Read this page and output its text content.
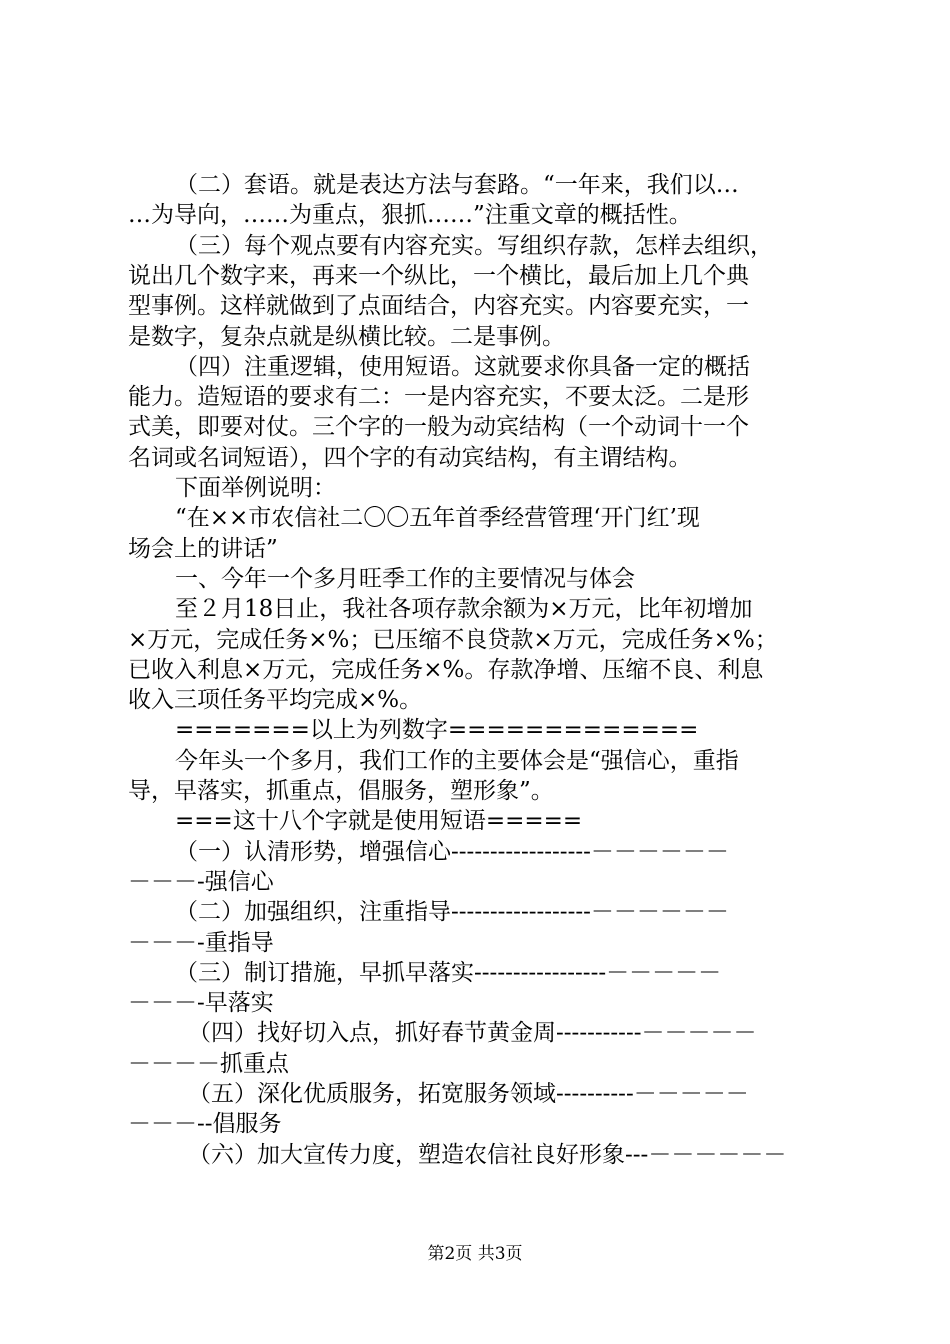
（二）套语。就是表达方法与套路。“一年来，我们以…
…为导向，……为重点，狠抓……”注重文章的概括性。
（三）每个观点要有内容充实。写组织存款，怎样去组织，
说出几个数字来，再来一个纵比，一个横比，最后加上几个典
型事例。这样就做到了点面结合，内容充实。内容要充实，一
是数字，复杂点就是纵横比较。二是事例。
（四）注重逻辑，使用短语。这就要求你具备一定的概括
能力。造短语的要求有二：一是内容充实，不要太泛。二是形
式美，即要对仗。三个字的一般为动宾结构（一个动词十一个
名词或名词短语），四个字的有动宾结构，有主谓结构。
下面举例说明：
“在××市农信社二〇〇五年首季经营管理‘开门红’现
场会上的讲话”
一、今年一个多月旺季工作的主要情况与体会
至２月18日止，我社各项存款余额为×万元，比年初增加
×万元，完成任务×%；已压缩不良贷款×万元，完成任务×%；
已收入利息×万元，完成任务×%。存款净增、压缩不良、利息
收入三项任务平均完成×%。
=======以上为列数字=============
今年头一个多月，我们工作的主要体会是“强信心，重指
导，早落实，抓重点，倡服务，塑形象”。
===这十八个字就是使用短语=====
（一）认清形势，增强信心------------------－－－－－－
－－－-强信心
（二）加强组织，注重指导------------------－－－－－－
－－－-重指导
（三）制订措施，早抓早落实-----------------－－－－－
－－－-早落实
（四）找好切入点，抓好春节黄金周-----------－－－－－
－－－－抓重点
（五）深化优质服务，拓宽服务领域----------－－－－－
－－－--倡服务
（六）加大宣传力度，塑造农信社良好形象---－－－－－－
第2页 共3页
